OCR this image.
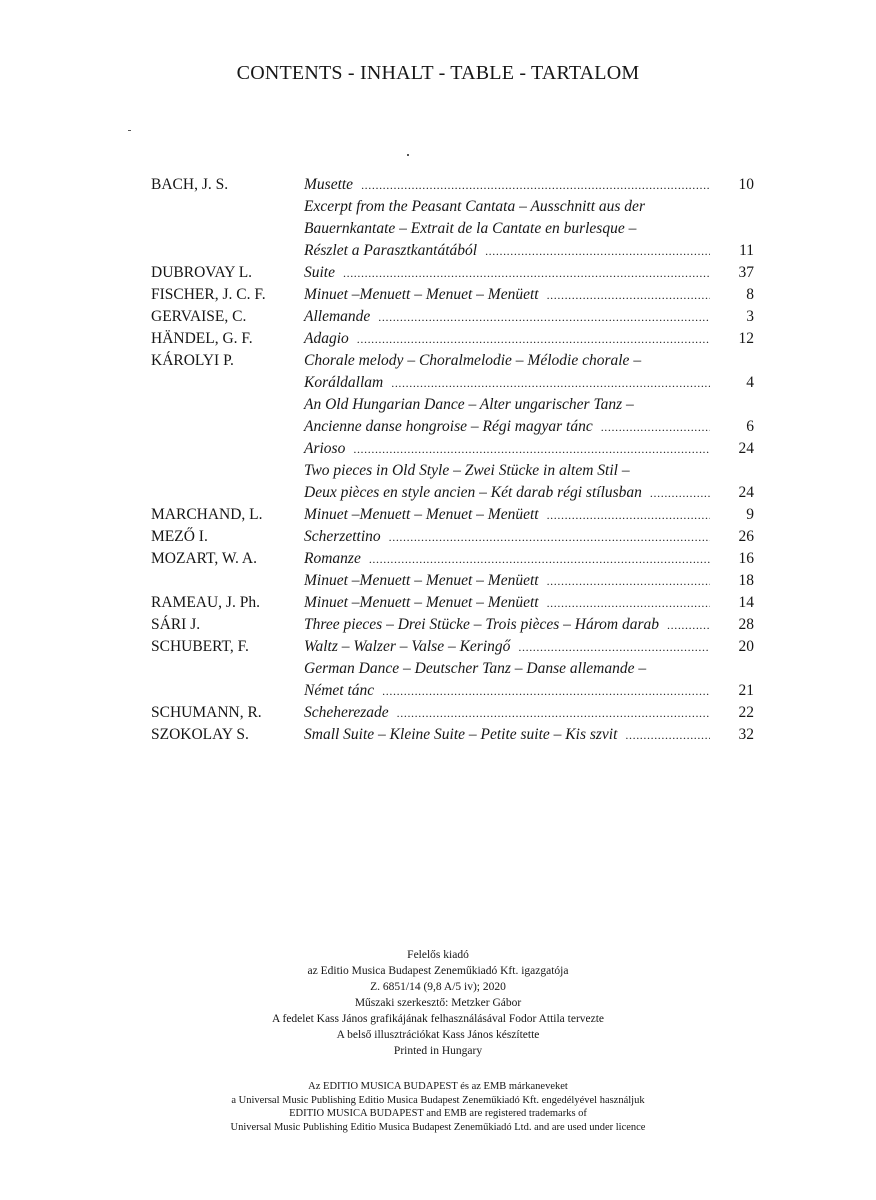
CONTENTS - INHALT - TABLE - TARTALOM
BACH, J. S.	Musette .....	10
Excerpt from the Peasant Cantata – Ausschnitt aus der
Bauernkantate – Extrait de la Cantate en burlesque –
Részlet a Parasztkantátából .....	11
DUBROVAY L.	Suite .....	37
FISCHER, J. C. F.	Minuet –Menuett – Menuet – Menüett .....	8
GERVAISE, C.	Allemande .....	3
HÄNDEL, G. F.	Adagio .....	12
KÁROLYI P.	Chorale melody – Choralmelodie – Mélodie chorale –
Koráldallam .....	4
An Old Hungarian Dance – Alter ungarischer Tanz –
Ancienne danse hongroise – Régi magyar tánc .....	6
Arioso .....	24
Two pieces in Old Style – Zwei Stücke in altem Stil –
Deux pièces en style ancien – Két darab régi stílusban .....	24
MARCHAND, L.	Minuet –Menuett – Menuet – Menüett .....	9
MEZŐ I.	Scherzettino .....	26
MOZART, W. A.	Romanze .....	16
Minuet –Menuett – Menuet – Menüett .....	18
RAMEAU, J. Ph.	Minuet –Menuett – Menuet – Menüett .....	14
SÁRI J.	Three pieces – Drei Stücke – Trois pièces – Három darab .....	28
SCHUBERT, F.	Waltz – Walzer – Valse – Keringő .....	20
German Dance – Deutscher Tanz – Danse allemande –
Német tánc .....	21
SCHUMANN, R.	Scheherezade .....	22
SZOKOLAY S.	Small Suite – Kleine Suite – Petite suite – Kis szvit .....	32
Felelős kiadó
az Editio Musica Budapest Zeneműkiadó Kft. igazgatója
Z. 6851/14 (9,8 A/5 iv); 2020
Műszaki szerkesztő: Metzker Gábor
A fedelet Kass János grafikájának felhasználásával Fodor Attila tervezte
A belső illusztrációkat Kass János készítette
Printed in Hungary
Az EDITIO MUSICA BUDAPEST és az EMB márkaneveket
a Universal Music Publishing Editio Musica Budapest Zeneműkiadó Kft. engedélyével használjuk
EDITIO MUSICA BUDAPEST and EMB are registered trademarks of
Universal Music Publishing Editio Musica Budapest Zeneműkiadó Ltd. and are used under licence
